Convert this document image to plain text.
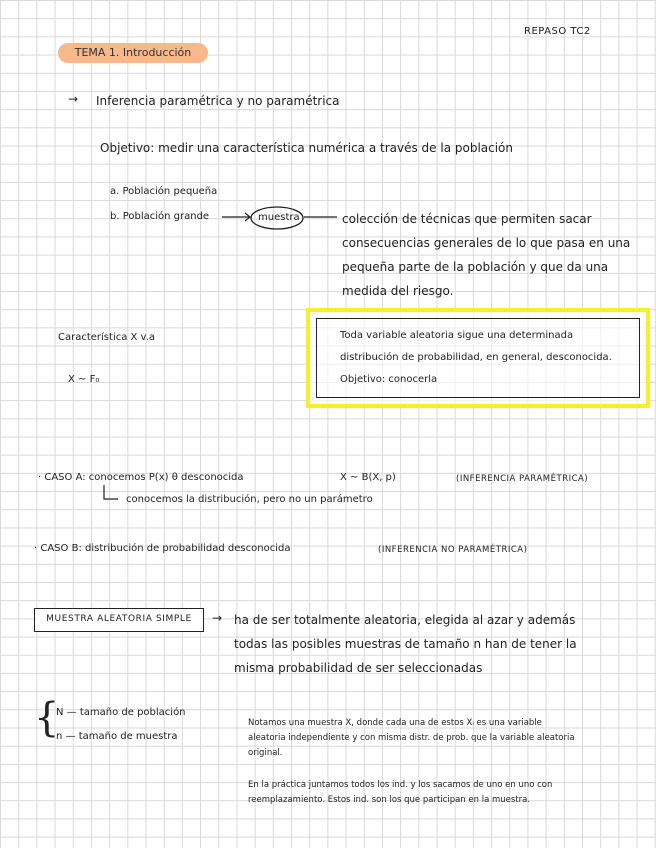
REPASO TC2
TEMA 1. Introducción
→ Inferencia paramétrica y no paramétrica
Objetivo: medir una característica numérica a través de la población
a. Población pequeña
b. Población grande	muestra	colección de técnicas que permiten sacar
consecuencias generales de lo que pasa en una
pequeña parte de la población y que da una
medida del riesgo.
Característica X v.a
X ~ F₀
Toda variable aleatoria sigue una determinada
distribución de probabilidad, en general, desconocida.
Objetivo: conocerla
· CASO A: conocemos P(x) θ desconocida	X ~ B(X, p)	(INFERENCIA PARAMÉTRICA)
conocemos la distribución, pero no un parámetro
· CASO B: distribución de probabilidad desconocida	(INFERENCIA NO PARAMÉTRICA)
MUESTRA ALEATORIA SIMPLE	→ ha de ser totalmente aleatoria, elegida al azar y además
todas las posibles muestras de tamaño n han de tener la
misma probabilidad de ser seleccionadas
{
N — tamaño de población
n — tamaño de muestra
Notamos una muestra X, donde cada una de estos Xᵢ es una variable
aleatoria independiente y con misma distr. de prob. que la variable aleatoria
original.
En la práctica juntamos todos los ind. y los sacamos de uno en uno con
reemplazamiento. Estos ind. son los que participan en la muestra.
